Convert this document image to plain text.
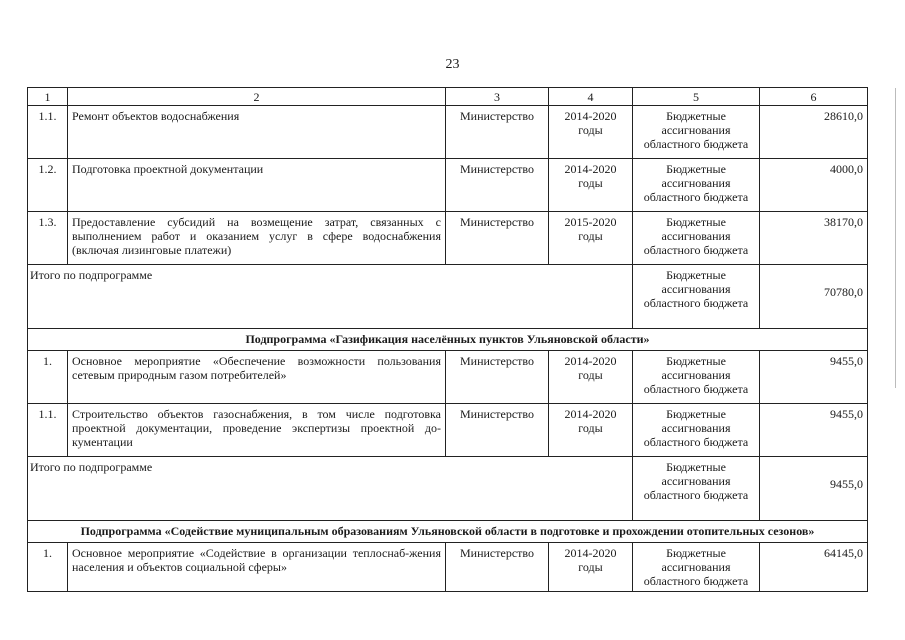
23
1	2	3	4	5	6
1.1.	Ремонт объектов водоснабжения	Министерство	2014-2020 годы	Бюджетные ассигнования областного бюджета	28610,0
1.2.	Подготовка проектной документации	Министерство	2014-2020 годы	Бюджетные ассигнования областного бюджета	4000,0
1.3.	Предоставление субсидий на возмещение затрат, связанных с выполнением работ и оказанием услуг в сфере водоснабжения (включая лизинговые платежи)	Министерство	2015-2020 годы	Бюджетные ассигнования областного бюджета	38170,0
Итого по подпрограмме				Бюджетные ассигнования областного бюджета	70780,0
Подпрограмма «Газификация населённых пунктов Ульяновской области»					
1.	Основное мероприятие «Обеспечение возможности пользования сетевым природным газом потребителей»	Министерство	2014-2020 годы	Бюджетные ассигнования областного бюджета	9455,0
1.1.	Строительство объектов газоснабжения, в том числе подготовка проектной документации, проведение экспертизы проектной до-кументации	Министерство	2014-2020 годы	Бюджетные ассигнования областного бюджета	9455,0
Итого по подпрограмме				Бюджетные ассигнования областного бюджета	9455,0
Подпрограмма «Содействие муниципальным образованиям Ульяновской области в подготовке и прохождении отопительных сезонов»					
1.	Основное мероприятие «Содействие в организации теплоснаб-жения населения и объектов социальной сферы»	Министерство	2014-2020 годы	Бюджетные ассигнования областного бюджета	64145,0
